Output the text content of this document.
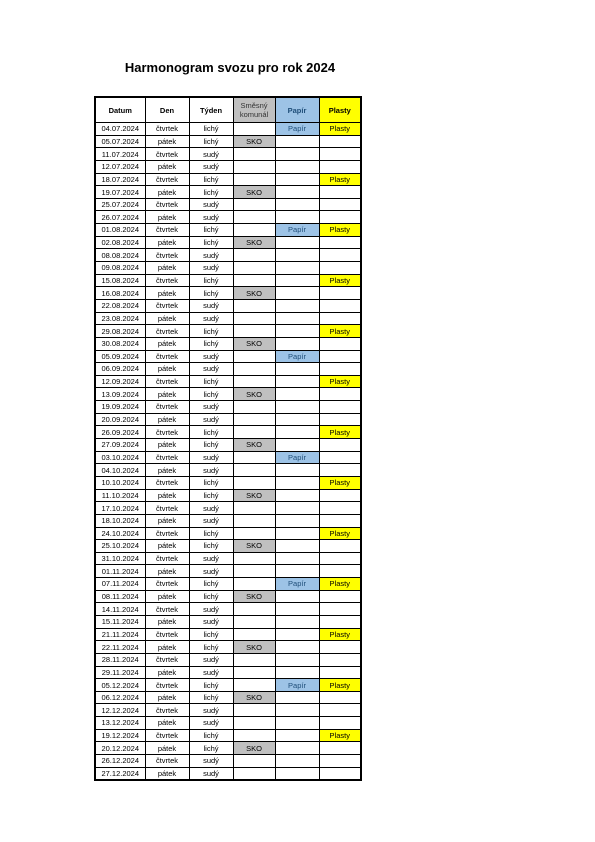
Harmonogram svozu pro rok 2024
Datum	Den	Týden	Směsný komunál	Papír	Plasty
04.07.2024	čtvrtek	lichý		Papír	Plasty
05.07.2024	pátek	lichý	SKO		
11.07.2024	čtvrtek	sudý			
12.07.2024	pátek	sudý			
18.07.2024	čtvrtek	lichý			Plasty
19.07.2024	pátek	lichý	SKO		
25.07.2024	čtvrtek	sudý			
26.07.2024	pátek	sudý			
01.08.2024	čtvrtek	lichý		Papír	Plasty
02.08.2024	pátek	lichý	SKO		
08.08.2024	čtvrtek	sudý			
09.08.2024	pátek	sudý			
15.08.2024	čtvrtek	lichý			Plasty
16.08.2024	pátek	lichý	SKO		
22.08.2024	čtvrtek	sudý			
23.08.2024	pátek	sudý			
29.08.2024	čtvrtek	lichý			Plasty
30.08.2024	pátek	lichý	SKO		
05.09.2024	čtvrtek	sudý		Papír	
06.09.2024	pátek	sudý			
12.09.2024	čtvrtek	lichý			Plasty
13.09.2024	pátek	lichý	SKO		
19.09.2024	čtvrtek	sudý			
20.09.2024	pátek	sudý			
26.09.2024	čtvrtek	lichý			Plasty
27.09.2024	pátek	lichý	SKO		
03.10.2024	čtvrtek	sudý		Papír	
04.10.2024	pátek	sudý			
10.10.2024	čtvrtek	lichý			Plasty
11.10.2024	pátek	lichý	SKO		
17.10.2024	čtvrtek	sudý			
18.10.2024	pátek	sudý			
24.10.2024	čtvrtek	lichý			Plasty
25.10.2024	pátek	lichý	SKO		
31.10.2024	čtvrtek	sudý			
01.11.2024	pátek	sudý			
07.11.2024	čtvrtek	lichý		Papír	Plasty
08.11.2024	pátek	lichý	SKO		
14.11.2024	čtvrtek	sudý			
15.11.2024	pátek	sudý			
21.11.2024	čtvrtek	lichý			Plasty
22.11.2024	pátek	lichý	SKO		
28.11.2024	čtvrtek	sudý			
29.11.2024	pátek	sudý			
05.12.2024	čtvrtek	lichý		Papír	Plasty
06.12.2024	pátek	lichý	SKO		
12.12.2024	čtvrtek	sudý			
13.12.2024	pátek	sudý			
19.12.2024	čtvrtek	lichý			Plasty
20.12.2024	pátek	lichý	SKO		
26.12.2024	čtvrtek	sudý			
27.12.2024	pátek	sudý			
